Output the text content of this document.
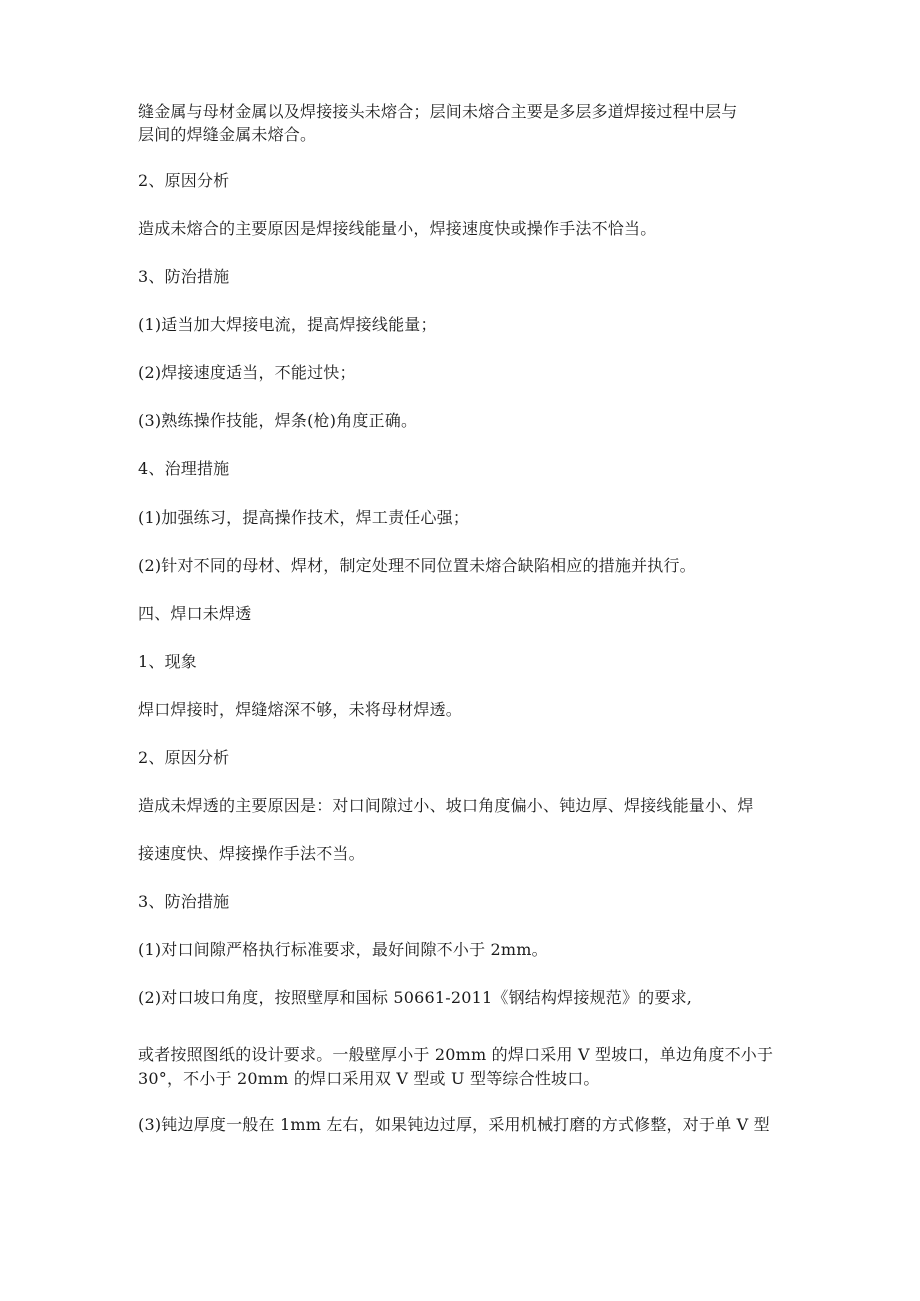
缝金属与母材金属以及焊接接头未熔合；层间未熔合主要是多层多道焊接过程中层与
层间的焊缝金属未熔合。
2、原因分析
造成未熔合的主要原因是焊接线能量小，焊接速度快或操作手法不恰当。
3、防治措施
(1)适当加大焊接电流，提高焊接线能量；
(2)焊接速度适当，不能过快；
(3)熟练操作技能，焊条(枪)角度正确。
4、治理措施
(1)加强练习，提高操作技术，焊工责任心强；
(2)针对不同的母材、焊材，制定处理不同位置未熔合缺陷相应的措施并执行。
四、焊口未焊透
1、现象
焊口焊接时，焊缝熔深不够，未将母材焊透。
2、原因分析
造成未焊透的主要原因是：对口间隙过小、坡口角度偏小、钝边厚、焊接线能量小、焊
接速度快、焊接操作手法不当。
3、防治措施
(1)对口间隙严格执行标准要求，最好间隙不小于 2mm。
(2)对口坡口角度，按照壁厚和国标 50661-2011《钢结构焊接规范》的要求,
或者按照图纸的设计要求。一般壁厚小于 20mm 的焊口采用 V 型坡口，单边角度不小于
30°，不小于 20mm 的焊口采用双 V 型或 U 型等综合性坡口。
(3)钝边厚度一般在 1mm 左右，如果钝边过厚，采用机械打磨的方式修整，对于单 V 型
